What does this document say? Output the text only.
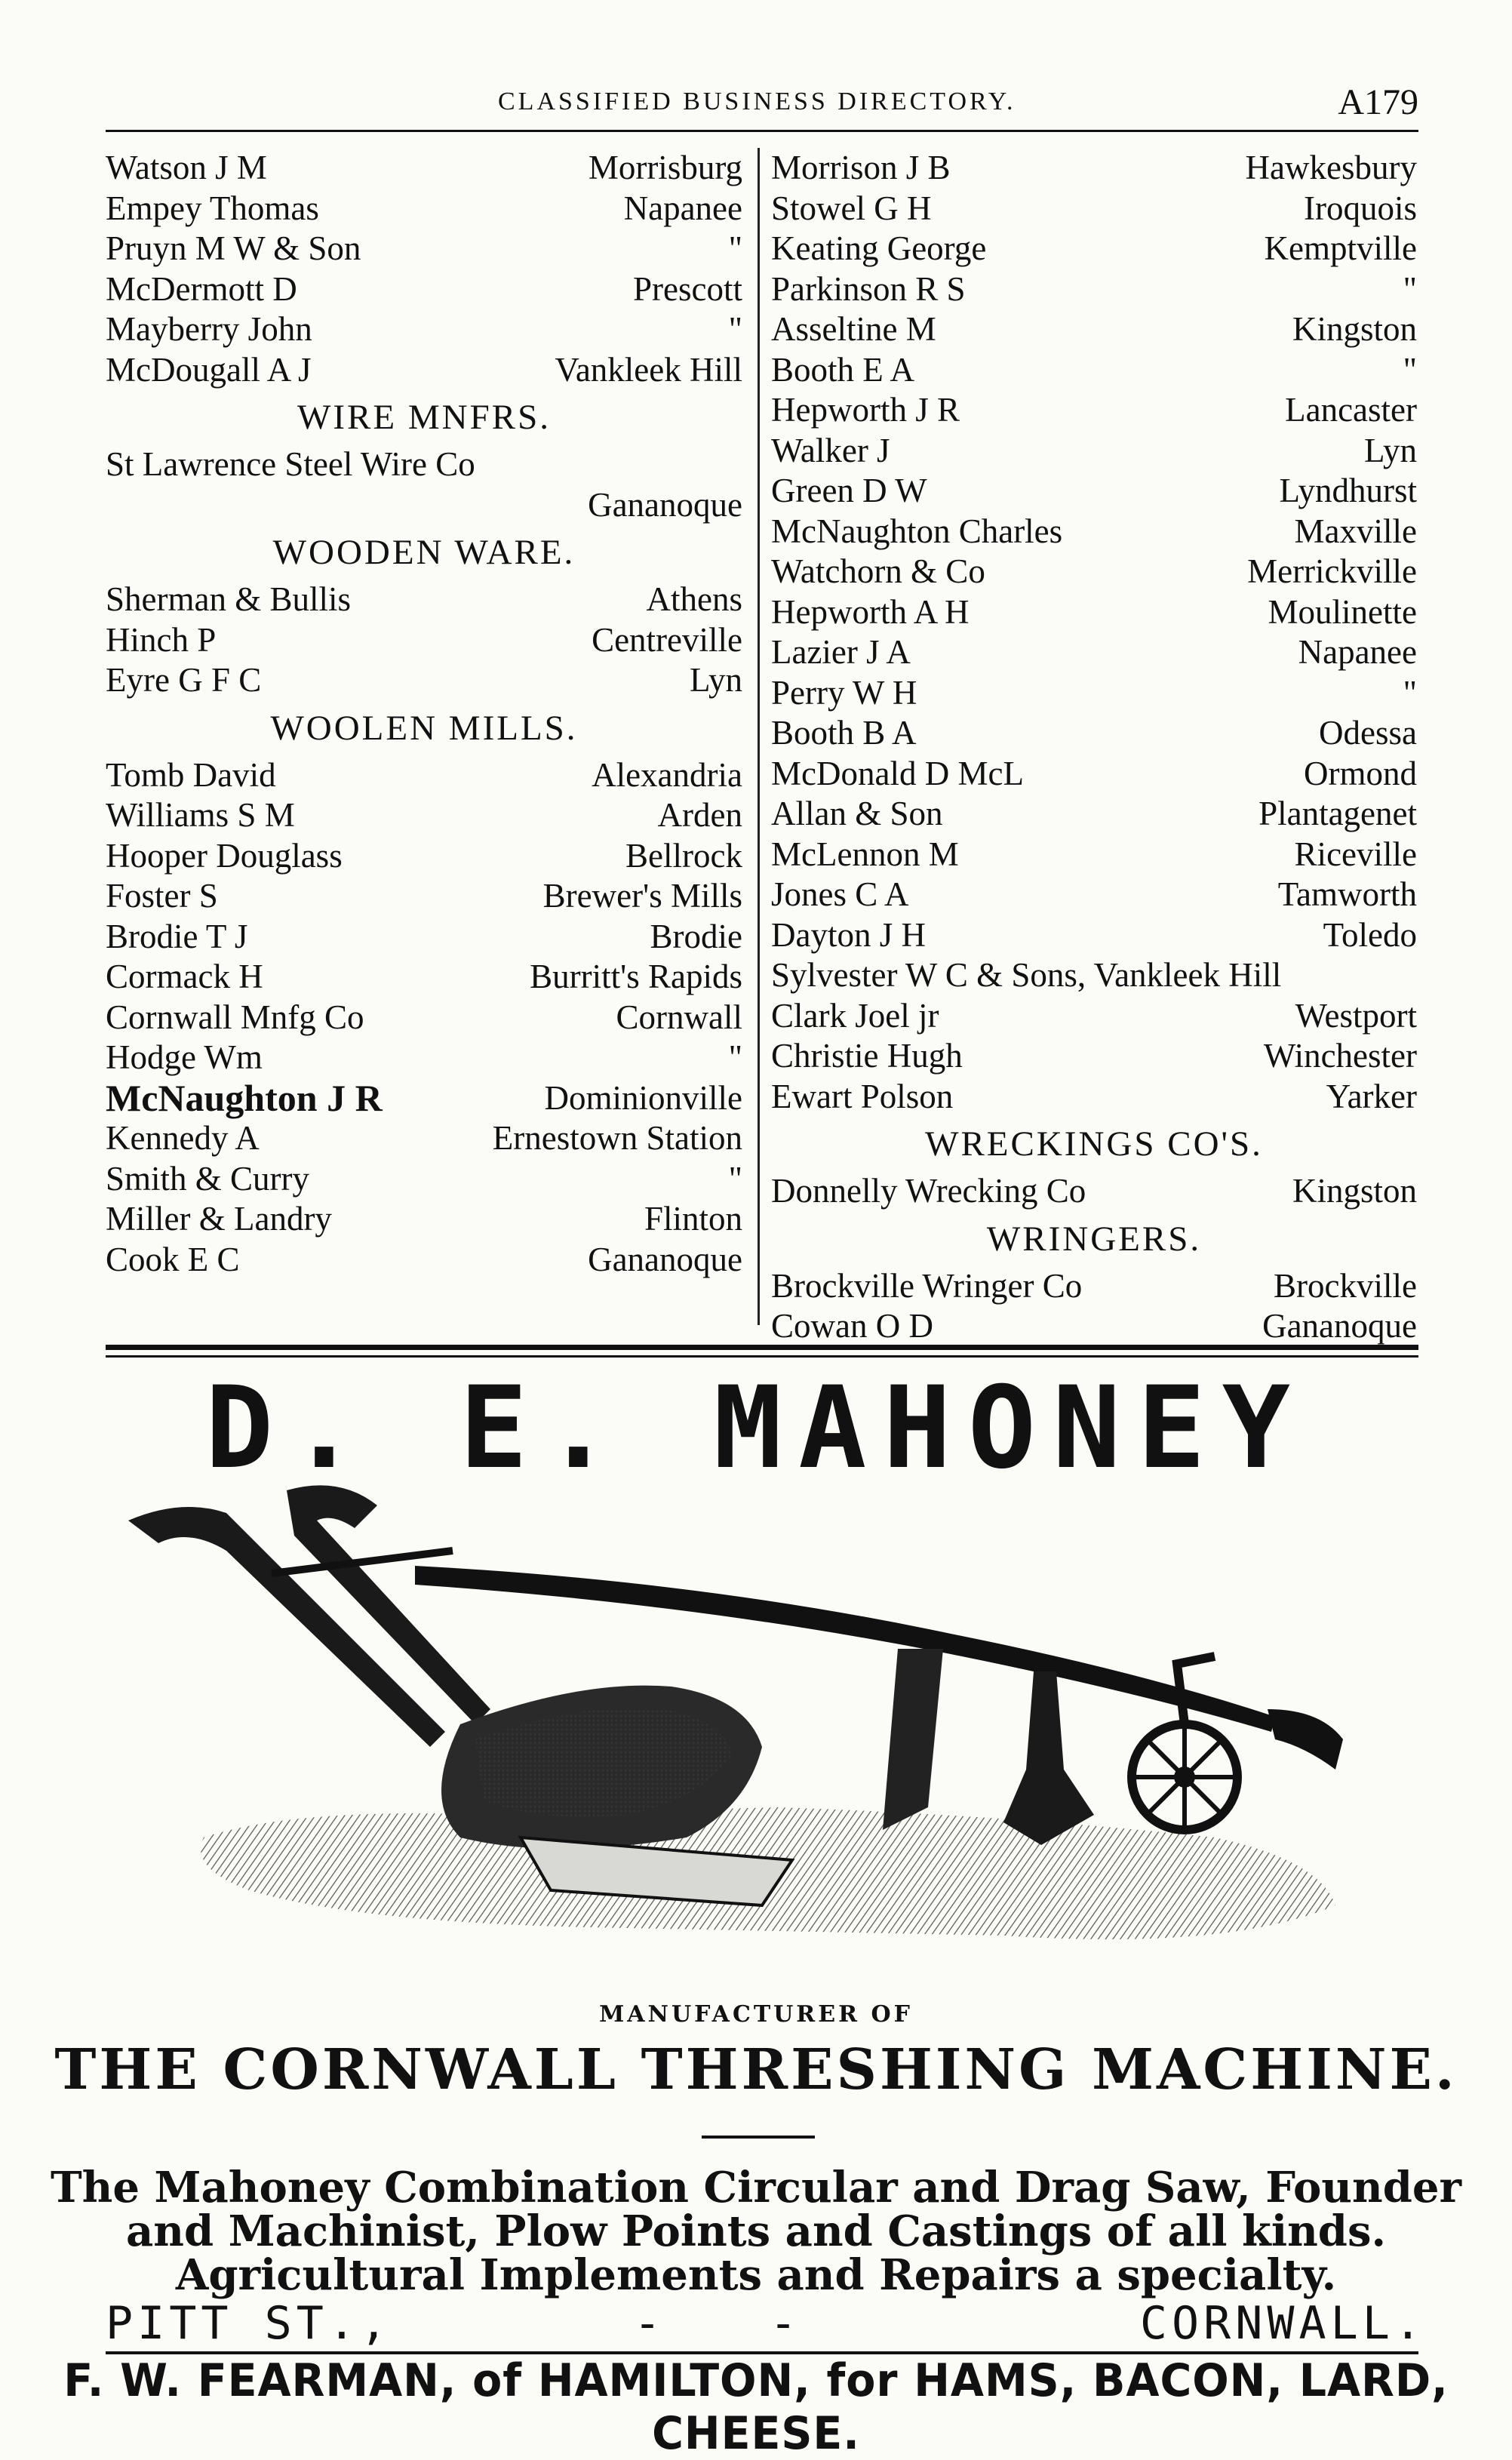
CLASSIFIED BUSINESS DIRECTORY.	A179
Watson J M	Morrisburg
Empey Thomas	Napanee
Pruyn M W & Son	"
McDermott D	Prescott
Mayberry John	"
McDougall A J	Vankleek Hill
WIRE MNFRS.
St Lawrence Steel Wire Co
Gananoque
WOODEN WARE.
Sherman & Bullis	Athens
Hinch P	Centreville
Eyre G F C	Lyn
WOOLEN MILLS.
Tomb David	Alexandria
Williams S M	Arden
Hooper Douglass	Bellrock
Foster S	Brewer's Mills
Brodie T J	Brodie
Cormack H	Burritt's Rapids
Cornwall Mnfg Co	Cornwall
Hodge Wm	"
McNaughton J R	Dominionville
Kennedy A	Ernestown Station
Smith & Curry	"
Miller & Landry	Flinton
Cook E C	Gananoque
Morrison J B	Hawkesbury
Stowel G H	Iroquois
Keating George	Kemptville
Parkinson R S	"
Asseltine M	Kingston
Booth E A	"
Hepworth J R	Lancaster
Walker J	Lyn
Green D W	Lyndhurst
McNaughton Charles	Maxville
Watchorn & Co	Merrickville
Hepworth A H	Moulinette
Lazier J A	Napanee
Perry W H	"
Booth B A	Odessa
McDonald D McL	Ormond
Allan & Son	Plantagenet
McLennon M	Riceville
Jones C A	Tamworth
Dayton J H	Toledo
Sylvester W C & Sons, Vankleek Hill
Clark Joel jr	Westport
Christie Hugh	Winchester
Ewart Polson	Yarker
WRECKINGS CO'S.
Donnelly Wrecking Co	Kingston
WRINGERS.
Brockville Wringer Co	Brockville
Cowan O D	Gananoque
D. E. MAHONEY
MANUFACTURER OF
THE CORNWALL THRESHING MACHINE.
The Mahoney Combination Circular and Drag Saw, Founder
and Machinist, Plow Points and Castings of all kinds.
Agricultural Implements and Repairs a specialty.
PITT ST.,	- -	CORNWALL.
F. W. FEARMAN, of HAMILTON, for HAMS, BACON, LARD, CHEESE.
